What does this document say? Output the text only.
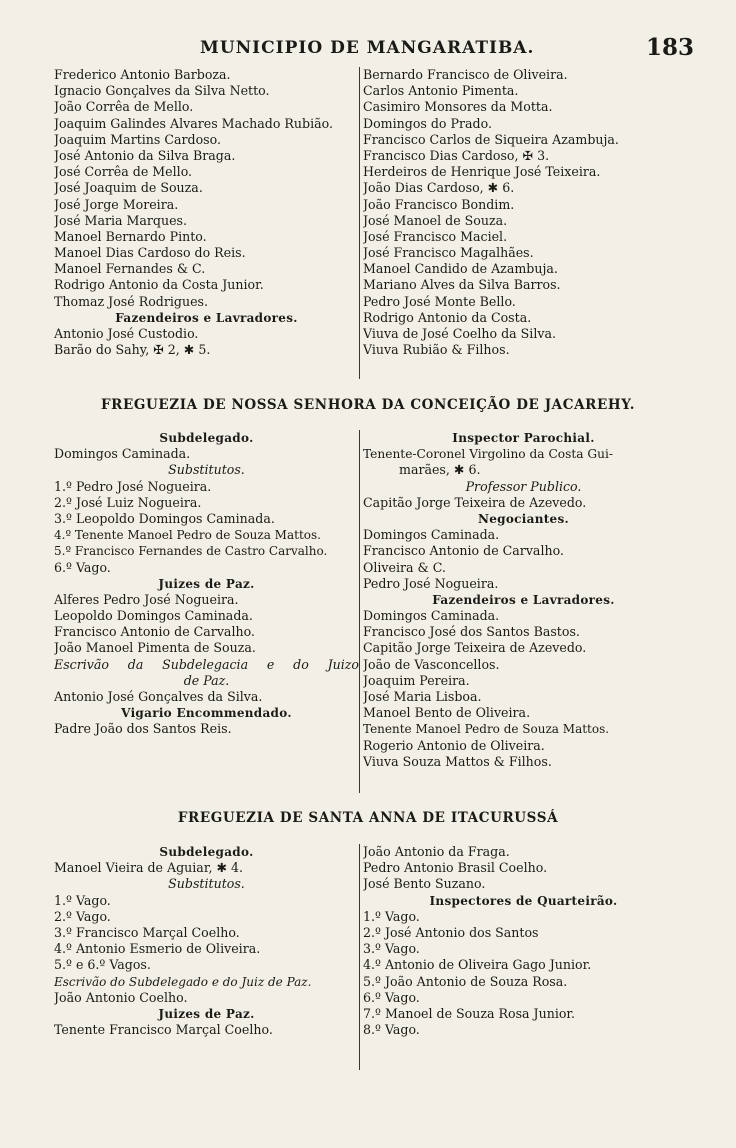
MUNICIPIO DE MANGARATIBA.	183
Frederico Antonio Barboza.
Ignacio Gonçalves da Silva Netto.
João Corrêa de Mello.
Joaquim Galindes Alvares Machado Rubião.
Joaquim Martins Cardoso.
José Antonio da Silva Braga.
José Corrêa de Mello.
José Joaquim de Souza.
José Jorge Moreira.
José Maria Marques.
Manoel Bernardo Pinto.
Manoel Dias Cardoso do Reis.
Manoel Fernandes & C.
Rodrigo Antonio da Costa Junior.
Thomaz José Rodrigues.
Fazendeiros e Lavradores.
Antonio José Custodio.
Barão do Sahy, ✠ 2, ✱ 5.
Bernardo Francisco de Oliveira.
Carlos Antonio Pimenta.
Casimiro Monsores da Motta.
Domingos do Prado.
Francisco Carlos de Siqueira Azambuja.
Francisco Dias Cardoso, ✠ 3.
Herdeiros de Henrique José Teixeira.
João Dias Cardoso, ✱ 6.
João Francisco Bondim.
José Manoel de Souza.
José Francisco Maciel.
José Francisco Magalhães.
Manoel Candido de Azambuja.
Mariano Alves da Silva Barros.
Pedro José Monte Bello.
Rodrigo Antonio da Costa.
Viuva de José Coelho da Silva.
Viuva Rubião & Filhos.
FREGUEZIA DE NOSSA SENHORA DA CONCEIÇÃO DE JACAREHY.
Subdelegado.
Domingos Caminada.
Substitutos.
1.º Pedro José Nogueira.
2.º José Luiz Nogueira.
3.º Leopoldo Domingos Caminada.
4.º Tenente Manoel Pedro de Souza Mattos.
5.º Francisco Fernandes de Castro Carvalho.
6.º Vago.
Juizes de Paz.
Alferes Pedro José Nogueira.
Leopoldo Domingos Caminada.
Francisco Antonio de Carvalho.
João Manoel Pimenta de Souza.
Escrivão da Subdelegacia e do Juizo
de Paz.
Antonio José Gonçalves da Silva.
Vigario Encommendado.
Padre João dos Santos Reis.
Inspector Parochial.
Tenente-Coronel Virgolino da Costa Gui-
marães, ✱ 6.
Professor Publico.
Capitão Jorge Teixeira de Azevedo.
Negociantes.
Domingos Caminada.
Francisco Antonio de Carvalho.
Oliveira & C.
Pedro José Nogueira.
Fazendeiros e Lavradores.
Domingos Caminada.
Francisco José dos Santos Bastos.
Capitão Jorge Teixeira de Azevedo.
João de Vasconcellos.
Joaquim Pereira.
José Maria Lisboa.
Manoel Bento de Oliveira.
Tenente Manoel Pedro de Souza Mattos.
Rogerio Antonio de Oliveira.
Viuva Souza Mattos & Filhos.
FREGUEZIA DE SANTA ANNA DE ITACURUSSÁ
Subdelegado.
Manoel Vieira de Aguiar, ✱ 4.
Substitutos.
1.º Vago.
2.º Vago.
3.º Francisco Marçal Coelho.
4.º Antonio Esmerio de Oliveira.
5.º e 6.º Vagos.
Escrivão do Subdelegado e do Juiz de Paz.
João Antonio Coelho.
Juizes de Paz.
Tenente Francisco Marçal Coelho.
João Antonio da Fraga.
Pedro Antonio Brasil Coelho.
José Bento Suzano.
Inspectores de Quarteirão.
1.º Vago.
2.º José Antonio dos Santos
3.º Vago.
4.º Antonio de Oliveira Gago Junior.
5.º João Antonio de Souza Rosa.
6.º Vago.
7.º Manoel de Souza Rosa Junior.
8.º Vago.
